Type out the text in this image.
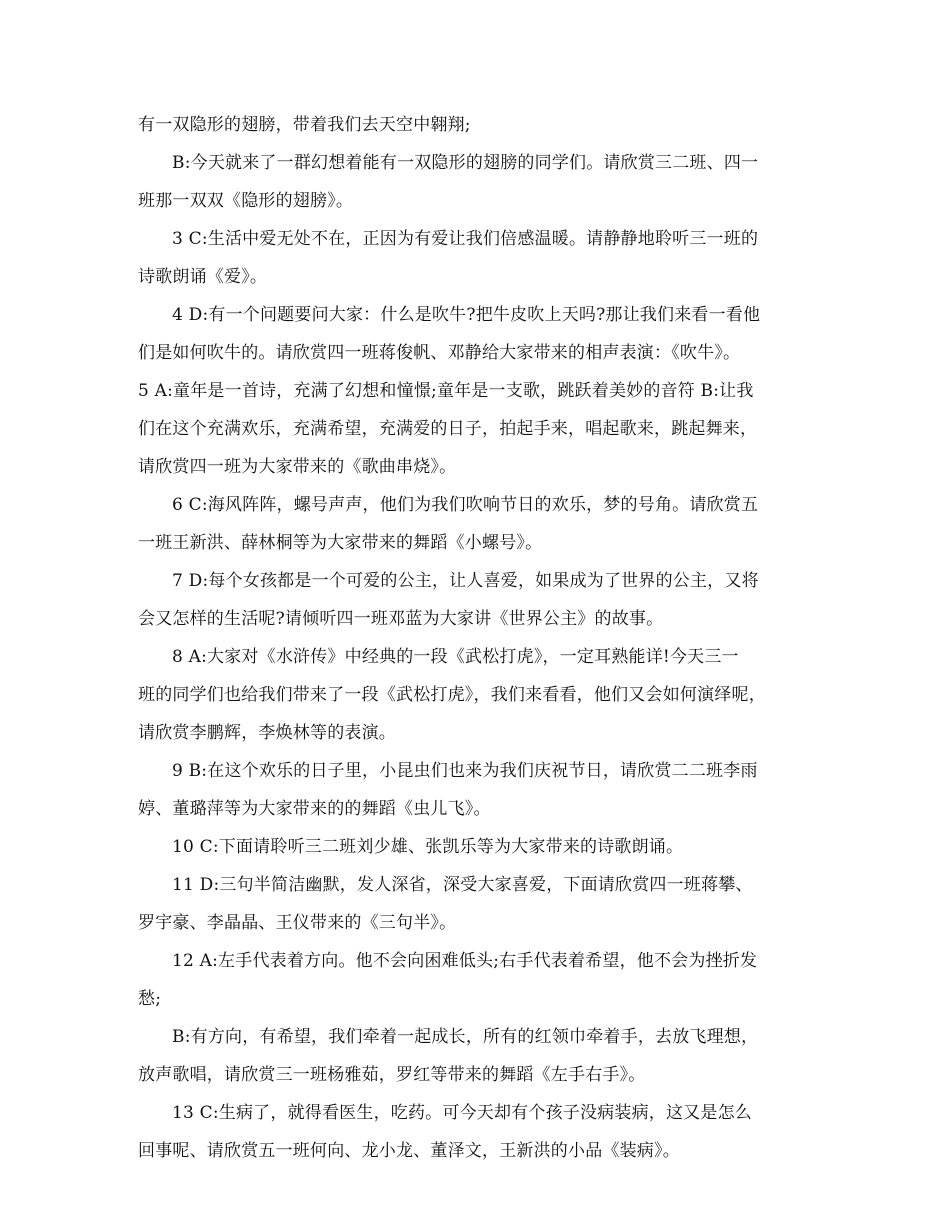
有一双隐形的翅膀，带着我们去天空中翱翔;
B:今天就来了一群幻想着能有一双隐形的翅膀的同学们。请欣赏三二班、四一
班那一双双《隐形的翅膀》。
3 C:生活中爱无处不在，正因为有爱让我们倍感温暖。请静静地聆听三一班的
诗歌朗诵《爱》。
4 D:有一个问题要问大家：什么是吹牛?把牛皮吹上天吗?那让我们来看一看他
们是如何吹牛的。请欣赏四一班蒋俊帆、邓静给大家带来的相声表演：《吹牛》。
5 A:童年是一首诗，充满了幻想和憧憬;童年是一支歌，跳跃着美妙的音符 B:让我
们在这个充满欢乐，充满希望，充满爱的日子，拍起手来，唱起歌来，跳起舞来，
请欣赏四一班为大家带来的《歌曲串烧》。
6 C:海风阵阵，螺号声声，他们为我们吹响节日的欢乐，梦的号角。请欣赏五
一班王新洪、薛林桐等为大家带来的舞蹈《小螺号》。
7 D:每个女孩都是一个可爱的公主，让人喜爱，如果成为了世界的公主，又将
会又怎样的生活呢?请倾听四一班邓蓝为大家讲《世界公主》的故事。
8 A:大家对《水浒传》中经典的一段《武松打虎》，一定耳熟能详!今天三一
班的同学们也给我们带来了一段《武松打虎》，我们来看看，他们又会如何演绎呢，
请欣赏李鹏辉，李焕林等的表演。
9 B:在这个欢乐的日子里，小昆虫们也来为我们庆祝节日，请欣赏二二班李雨
婷、董璐萍等为大家带来的的舞蹈《虫儿飞》。
10 C:下面请聆听三二班刘少雄、张凯乐等为大家带来的诗歌朗诵。
11 D:三句半简洁幽默，发人深省，深受大家喜爱，下面请欣赏四一班蒋攀、
罗宇豪、李晶晶、王仪带来的《三句半》。
12 A:左手代表着方向。他不会向困难低头;右手代表着希望，他不会为挫折发
愁;
B:有方向，有希望，我们牵着一起成长，所有的红领巾牵着手，去放飞理想，
放声歌唱，请欣赏三一班杨雅茹，罗红等带来的舞蹈《左手右手》。
13 C:生病了，就得看医生，吃药。可今天却有个孩子没病装病，这又是怎么
回事呢、请欣赏五一班何向、龙小龙、董泽文，王新洪的小品《装病》。
